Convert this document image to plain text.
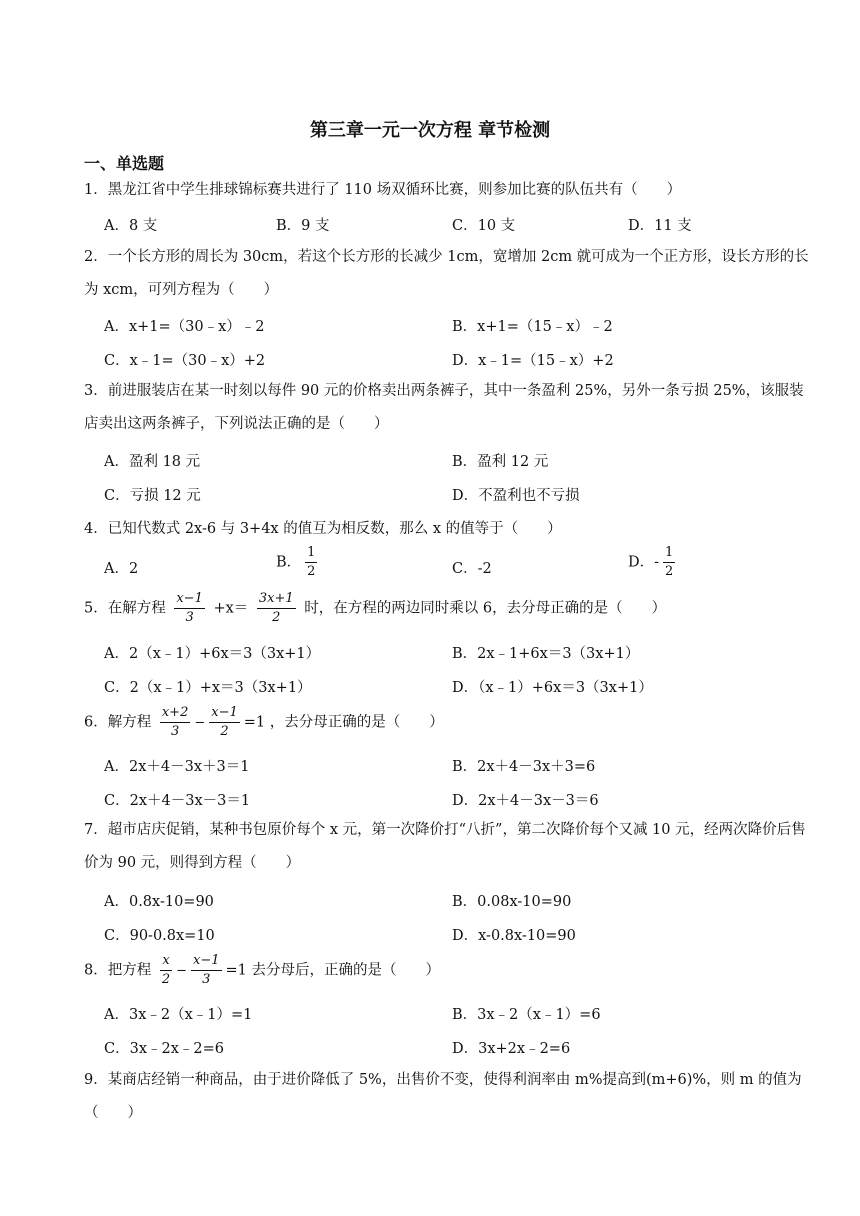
第三章一元一次方程 章节检测
一、单选题
1．黑龙江省中学生排球锦标赛共进行了 110 场双循环比赛，则参加比赛的队伍共有（　　）
A．8 支	B．9 支	C．10 支	D．11 支
2．一个长方形的周长为 30cm，若这个长方形的长减少 1cm，宽增加 2cm 就可成为一个正方形，设长方形的长为 xcm，可列方程为（　　）
A．x+1=（30﹣x）﹣2	B．x+1=（15﹣x）﹣2
C．x﹣1=（30﹣x）+2	D．x﹣1=（15﹣x）+2
3．前进服装店在某一时刻以每件 90 元的价格卖出两条裤子，其中一条盈利 25%，另外一条亏损 25%，该服装店卖出这两条裤子，下列说法正确的是（　　）
A．盈利 18 元	B．盈利 12 元
C．亏损 12 元	D．不盈利也不亏损
4．已知代数式 2x-6 与 3+4x 的值互为相反数，那么 x 的值等于（　　）
A．2	B． $\frac{1}{2}$	C．-2	D．- $\frac{1}{2}$
5．在解方程 $\frac{x-1}{3} +x= \frac{3x+1}{2}$ 时，在方程的两边同时乘以 6，去分母正确的是（　　）
A．2（x﹣1）+6x＝3（3x+1）	B．2x﹣1+6x＝3（3x+1）
C．2（x﹣1）+x＝3（3x+1）	D．（x﹣1）+6x＝3（3x+1）
6．解方程 $\frac{x+2}{3} - \frac{x-1}{2} =1$ ，去分母正确的是（　　）
A．2x＋4－3x＋3＝1	B．2x＋4－3x＋3=6
C．2x＋4－3x－3＝1	D．2x＋4－3x－3＝6
7．超市店庆促销，某种书包原价每个 x 元，第一次降价打“八折”，第二次降价每个又减 10 元，经两次降价后售价为 90 元，则得到方程（　　）
A．0.8x-10=90	B．0.08x-10=90
C．90-0.8x=10	D．x-0.8x-10=90
8．把方程 $\frac{x}{2} - \frac{x-1}{3} =1$ 去分母后，正确的是（　　）
A．3x﹣2（x﹣1）=1	B．3x﹣2（x﹣1）=6
C．3x﹣2x﹣2=6	D．3x+2x﹣2=6
9．某商店经销一种商品，由于进价降低了 5%，出售价不变，使得利润率由 m%提高到(m+6)%，则 m 的值为（　　）
